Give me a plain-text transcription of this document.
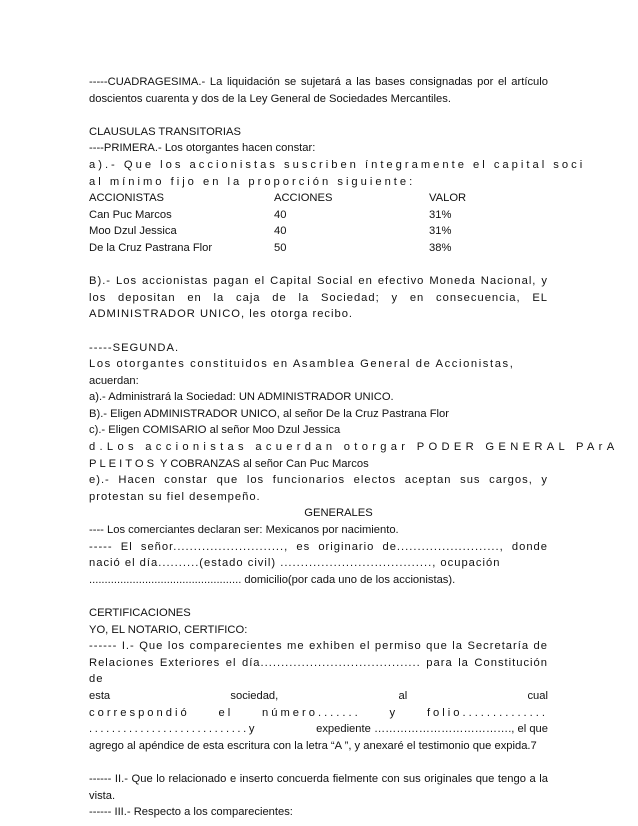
-----CUADRAGESIMA.- La liquidación se sujetará a las bases consignadas por el artículo doscientos cuarenta y dos de la Ley General de Sociedades Mercantiles.

CLAUSULAS TRANSITORIAS

----PRIMERA.- Los otorgantes hacen constar:

a).- Que los accionistas suscriben íntegramente el capital soci

al mínimo fijo en la proporción siguiente:

ACCIONISTAS	ACCIONES	VALOR
Can Puc Marcos	40	31%
Moo Dzul Jessica	40	31%
De la Cruz Pastrana Flor	50	38%

B).- Los accionistas pagan el Capital Social en efectivo Moneda Nacional, y los depositan en la caja de la Sociedad; y en consecuencia, EL ADMINISTRADOR UNICO, les otorga recibo.

-----SEGUNDA.

Los otorgantes constituidos en Asamblea General de Accionistas,

acuerdan:

a).- Administrará la Sociedad: UN ADMINISTRADOR UNICO.

B).- Eligen ADMINISTRADOR UNICO, al señor De la Cruz Pastrana Flor

c).- Eligen COMISARIO al señor Moo Dzul Jessica

d.Los accionistas acuerdan otorgar PODER GENERAL PArA

PLEITOS Y COBRANZAS al señor Can Puc Marcos

e).- Hacen constar que los funcionarios electos aceptan sus cargos, y protestan su fiel desempeño.

GENERALES

---- Los comerciantes declaran ser: Mexicanos por nacimiento.

----- El señor..........................., es originario de........................., donde nació el día..........(estado civil) ....................................., ocupación

................................................. domicilio(por cada uno de los accionistas).

CERTIFICACIONES

YO, EL NOTARIO, CERTIFICO:

------ I.- Que los comparecientes me exhiben el permiso que la Secretaría de Relaciones Exteriores el día....................................... para la Constitución de

esta	sociedad,	al	cual
correspondió	el	número.......	y	folio..............
............................y	expediente ………………………………., el que

agrego al apéndice de esta escritura con la letra “A ”, y anexaré el testimonio que expida.7

------ II.- Que lo relacionado e inserto concuerda fielmente con sus originales que tengo a la vista.

------ III.- Respecto a los comparecientes:
